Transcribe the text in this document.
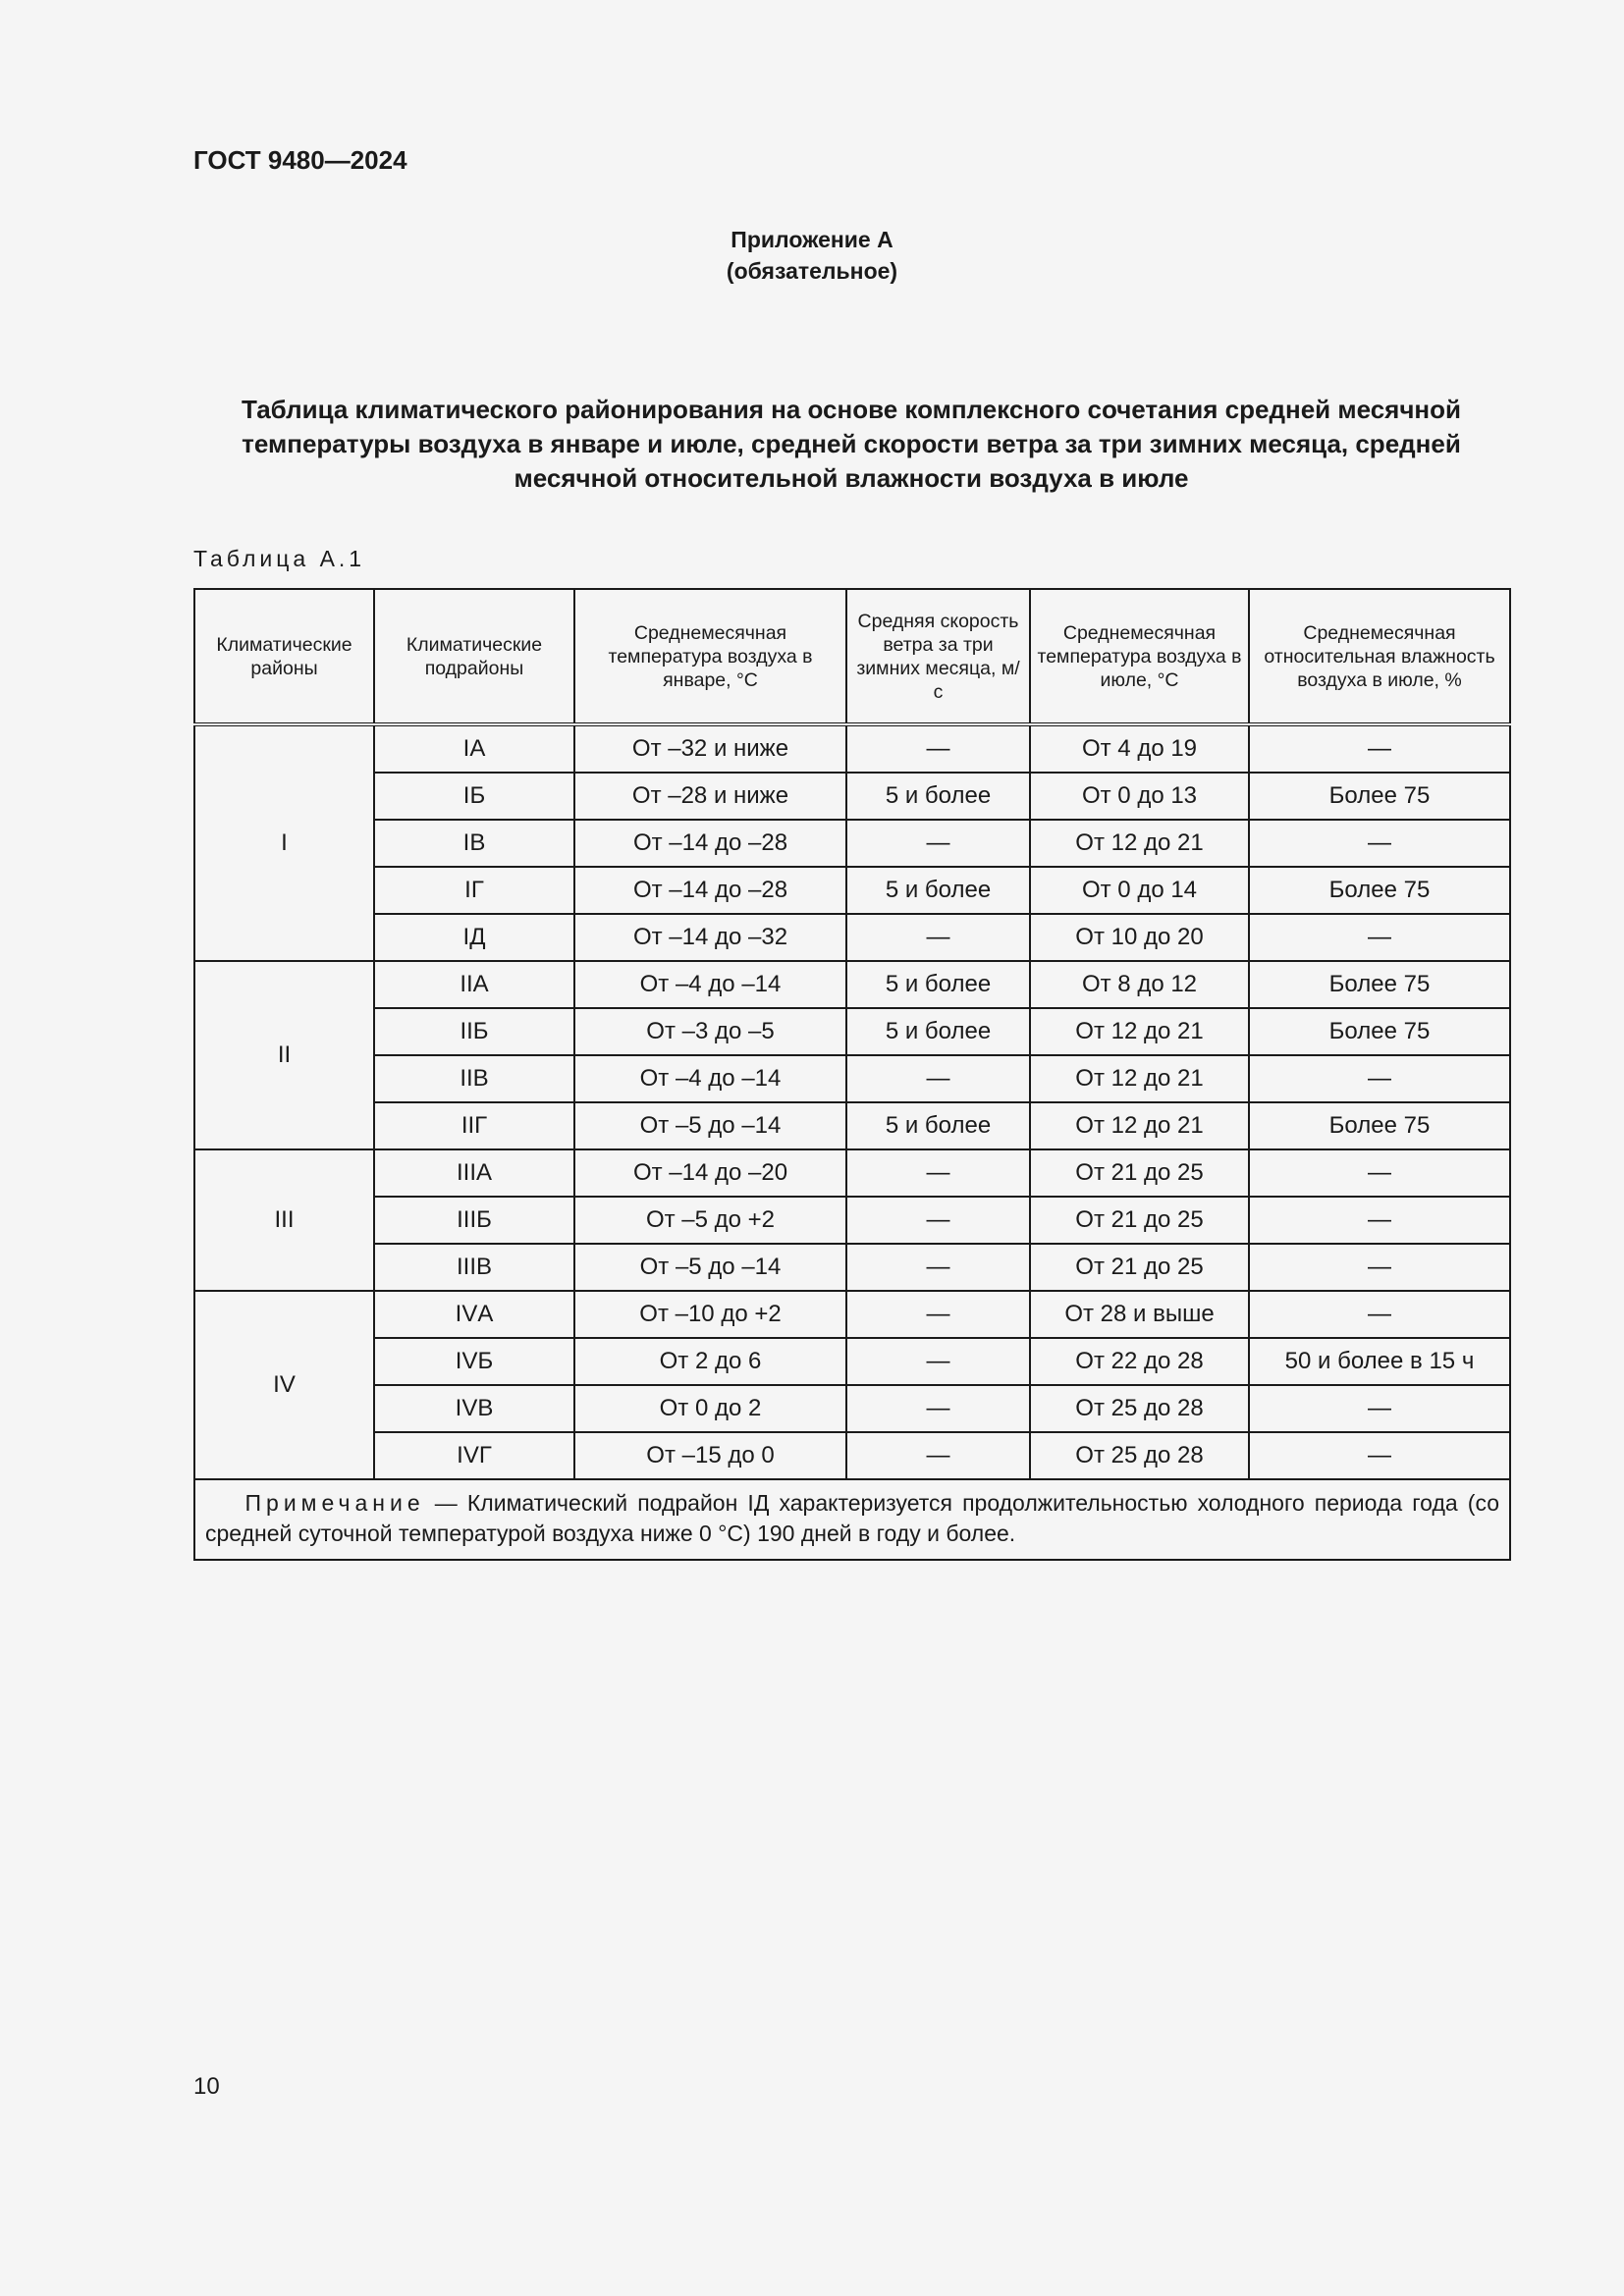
ГОСТ 9480—2024
Приложение А
(обязательное)
Таблица климатического районирования на основе комплексного сочетания средней месячной
температуры воздуха в январе и июле, средней скорости ветра за три зимних месяца, средней
месячной относительной влажности воздуха в июле
Таблица А.1
Климатические районы	Климатические подрайоны	Среднемесячная температура воздуха в январе, °С	Средняя скорость ветра за три зимних месяца, м/с	Среднемесячная температура воздуха в июле, °С	Среднемесячная относительная влажность воздуха в июле, %
I	IА	От –32 и ниже	—	От 4 до 19	—
	IБ	От –28 и ниже	5 и более	От 0 до 13	Более 75
	IВ	От –14 до –28	—	От 12 до 21	—
	IГ	От –14 до –28	5 и более	От 0 до 14	Более 75
	IД	От –14 до –32	—	От 10 до 20	—
II	IIА	От –4 до –14	5 и более	От 8 до 12	Более 75
	IIБ	От –3 до –5	5 и более	От 12 до 21	Более 75
	IIВ	От –4 до –14	—	От 12 до 21	—
	IIГ	От –5 до –14	5 и более	От 12 до 21	Более 75
III	IIIА	От –14 до –20	—	От 21 до 25	—
	IIIБ	От –5 до +2	—	От 21 до 25	—
	IIIВ	От –5 до –14	—	От 21 до 25	—
IV	IVА	От –10 до +2	—	От 28 и выше	—
	IVБ	От 2 до 6	—	От 22 до 28	50 и более в 15 ч
	IVВ	От 0 до 2	—	От 25 до 28	—
	IVГ	От –15 до 0	—	От 25 до 28	—
Примечание — Климатический подрайон IД характеризуется продолжительностью холодного периода года (со средней суточной температурой воздуха ниже 0 °С) 190 дней в году и более.					
10
